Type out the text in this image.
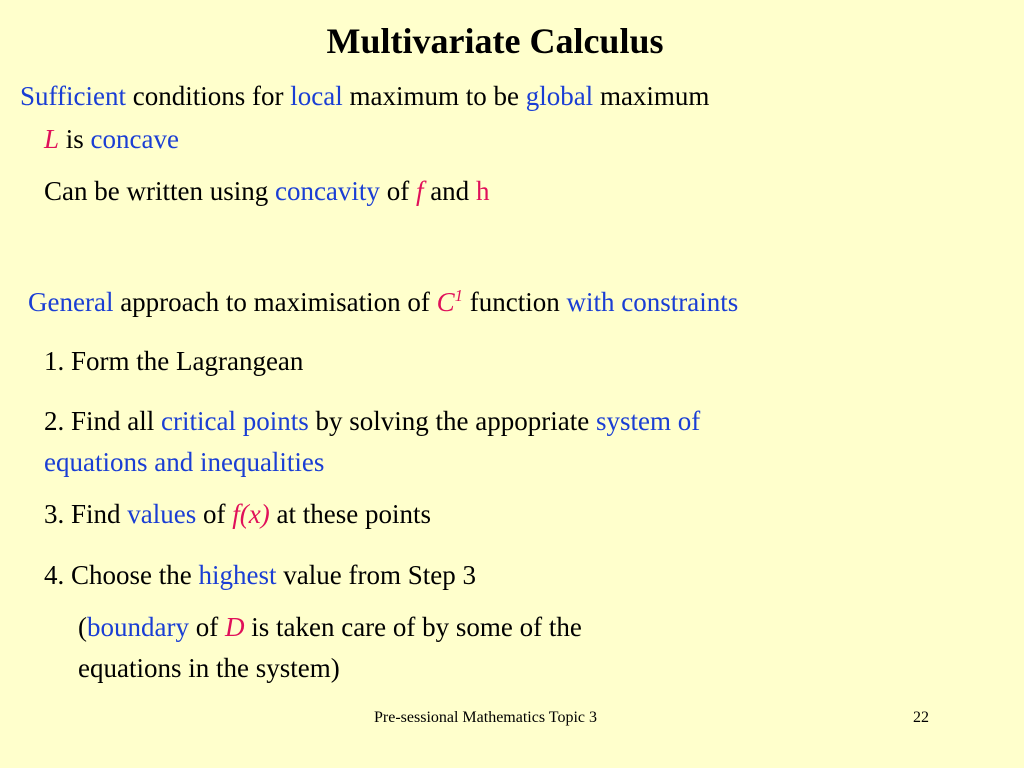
Multivariate Calculus
Sufficient conditions for local maximum to be global maximum
L is concave
Can be written using concavity of f and h
General approach to maximisation of $C^1$ function with constraints
1. Form the Lagrangean
2. Find all critical points by solving the appopriate system of
equations and inequalities
3. Find values of f(x) at these points
4. Choose the highest value from Step 3
(boundary of D is taken care of by some of the
equations in the system)
Pre-sessional Mathematics Topic 3	22
